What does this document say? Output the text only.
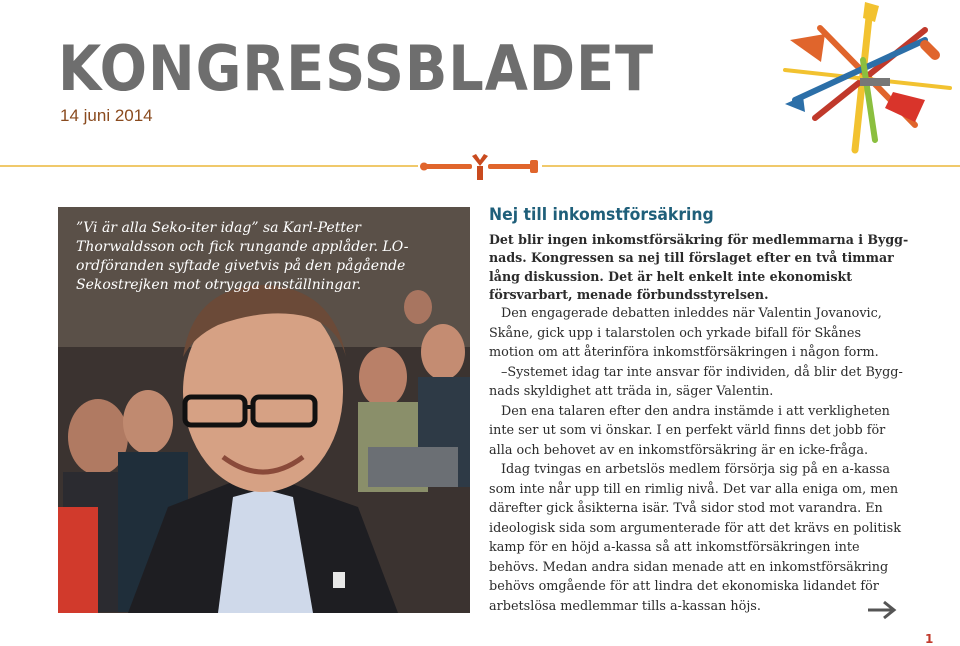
KONGRESSBLADET
14 juni 2014
”Vi är alla Seko-iter idag” sa Karl-Petter Thorwaldsson och fick rungande applåder. LO-ordföranden syftade givetvis på den pågående Sekostrejken mot otrygga anställningar.
Nej till inkomstförsäkring

Det blir ingen inkomstförsäkring för medlemmarna i Byggnads. Kongressen sa nej till förslaget efter en två timmar lång diskussion. Det är helt enkelt inte ekonomiskt försvarbart, menade förbundsstyrelsen.

Den engagerade debatten inleddes när Valentin Jovanovic, Skåne, gick upp i talarstolen och yrkade bifall för Skånes motion om att återinföra inkomstförsäkringen i någon form.

–Systemet idag tar inte ansvar för individen, då blir det Byggnads skyldighet att träda in, säger Valentin.

Den ena talaren efter den andra instämde i att verkligheten inte ser ut som vi önskar. I en perfekt värld finns det jobb för alla och behovet av en inkomstförsäkring är en icke-fråga.

Idag tvingas en arbetslös medlem försörja sig på en a-kassa som inte når upp till en rimlig nivå. Det var alla eniga om, men därefter gick åsikterna isär. Två sidor stod mot varandra. En ideologisk sida som argumenterade för att det krävs en politisk kamp för en höjd a-kassa så att inkomstförsäkringen inte behövs. Medan andra sidan menade att en inkomstförsäkring behövs omgående för att lindra det ekonomiska lidandet för arbetslösa medlemmar tills a-kassan höjs.

1
